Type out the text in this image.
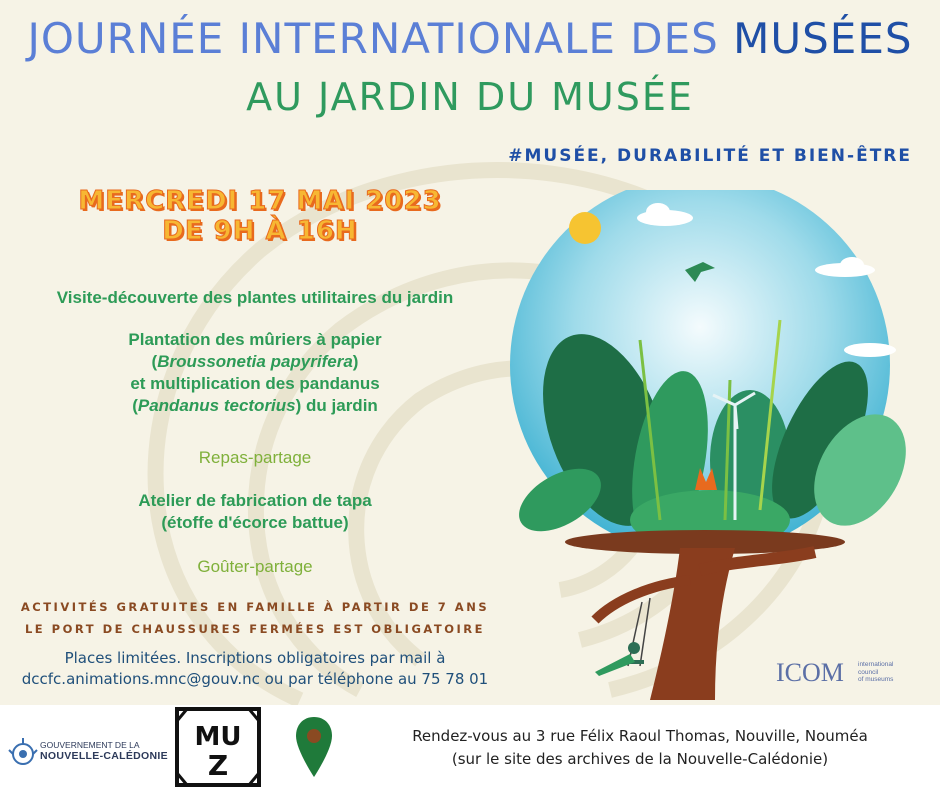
JOURNÉE INTERNATIONALE DES MUSÉES
AU JARDIN DU MUSÉE
#MUSÉE, DURABILITÉ ET BIEN-ÊTRE
MERCREDI 17 MAI 2023
DE 9H À 16H
Visite-découverte des plantes utilitaires du jardin
Plantation des mûriers à papier
(Broussonetia papyrifera)
et multiplication des pandanus
(Pandanus tectorius) du jardin
Repas-partage
Atelier de fabrication de tapa
(étoffe d'écorce battue)
Goûter-partage
ACTIVITÉS GRATUITES EN FAMILLE À PARTIR DE 7 ANS
LE PORT DE CHAUSSURES FERMÉES EST OBLIGATOIRE
Places limitées. Inscriptions obligatoires par mail à
dccfc.animations.mnc@gouv.nc ou par téléphone au 75 78 01	ICOM international
council
of museums
GOUVERNEMENT DE LA
NOUVELLE-CALÉDONIE
MU
Z
Rendez-vous au 3 rue Félix Raoul Thomas, Nouville, Nouméa
(sur le site des archives de la Nouvelle-Calédonie)
